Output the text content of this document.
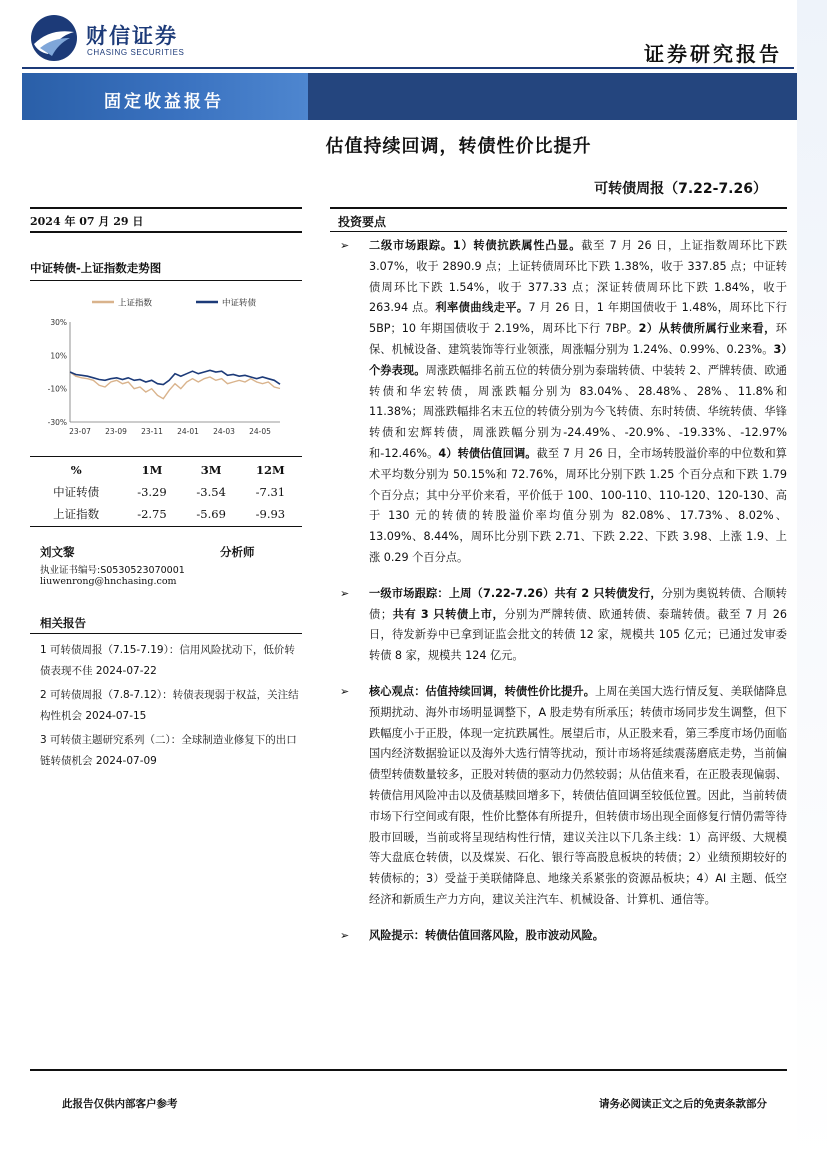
财信证券
CHASING SECURITIES	证券研究报告
固定收益报告
估值持续回调，转债性价比提升
可转债周报（7.22-7.26）
2024 年 07 月 29 日
中证转债-上证指数走势图
30%
10%
-10%
-30%
23-07 23-09 23-11 24-01 24-03 24-05
上证指数	中证转债
%	1M	3M	12M
中证转债	-3.29	-3.54	-7.31
上证指数	-2.75	-5.69	-9.93
刘文黎	分析师
执业证书编号:S0530523070001
liuwenrong@hnchasing.com
相关报告
1 可转债周报（7.15-7.19）：信用风险扰动下，低价转债表现不佳 2024-07-22
2 可转债周报（7.8-7.12）：转债表现弱于权益，关注结构性机会 2024-07-15
3 可转债主题研究系列（二）：全球制造业修复下的出口链转债机会 2024-07-09
投资要点
➢ 二级市场跟踪。1）转债抗跌属性凸显。截至 7 月 26 日，上证指数周环比下跌 3.07%，收于 2890.9 点；上证转债周环比下跌 1.38%，收于 337.85 点；中证转债周环比下跌 1.54%，收于 377.33 点；深证转债周环比下跌 1.84%，收于 263.94 点。利率债曲线走平。7 月 26 日，1 年期国债收于 1.48%，周环比下行 5BP；10 年期国债收于 2.19%，周环比下行 7BP。2）从转债所属行业来看，环保、机械设备、建筑装饰等行业领涨，周涨幅分别为 1.24%、0.99%、0.23%。3）个券表现。周涨跌幅排名前五位的转债分别为泰瑞转债、中装转 2、严牌转债、欧通转债和华宏转债，周涨跌幅分别为 83.04%、28.48%、28%、11.8%和 11.38%；周涨跌幅排名末五位的转债分别为今飞转债、东时转债、华统转债、华锋转债和宏辉转债，周涨跌幅分别为-24.49%、-20.9%、-19.33%、-12.97%和-12.46%。4）转债估值回调。截至 7 月 26 日，全市场转股溢价率的中位数和算术平均数分别为 50.15%和 72.76%，周环比分别下跌 1.25 个百分点和下跌 1.79 个百分点；其中分平价来看，平价低于 100、100-110、110-120、120-130、高于 130 元的转债的转股溢价率均值分别为 82.08%、17.73%、8.02%、13.09%、8.44%，周环比分别下跌 2.71、下跌 2.22、下跌 3.98、上涨 1.9、上涨 0.29 个百分点。
➢ 一级市场跟踪：上周（7.22-7.26）共有 2 只转债发行，分别为奥锐转债、合顺转债；共有 3 只转债上市，分别为严牌转债、欧通转债、泰瑞转债。截至 7 月 26 日，待发新券中已拿到证监会批文的转债 12 家，规模共 105 亿元；已通过发审委转债 8 家，规模共 124 亿元。
➢ 核心观点：估值持续回调，转债性价比提升。上周在美国大选行情反复、美联储降息预期扰动、海外市场明显调整下，A 股走势有所承压；转债市场同步发生调整，但下跌幅度小于正股，体现一定抗跌属性。展望后市，从正股来看，第三季度市场仍面临国内经济数据验证以及海外大选行情等扰动，预计市场将延续震荡磨底走势，当前偏债型转债数量较多，正股对转债的驱动力仍然较弱；从估值来看，在正股表现偏弱、转债信用风险冲击以及债基赎回增多下，转债估值回调至较低位置。因此，当前转债市场下行空间或有限，性价比整体有所提升，但转债市场出现全面修复行情仍需等待股市回暖，当前或将呈现结构性行情，建议关注以下几条主线：1）高评级、大规模等大盘底仓转债，以及煤炭、石化、银行等高股息板块的转债；2）业绩预期较好的转债标的；3）受益于美联储降息、地缘关系紧张的资源品板块；4）AI 主题、低空经济和新质生产力方向，建议关注汽车、机械设备、计算机、通信等。
➢ 风险提示：转债估值回落风险，股市波动风险。
此报告仅供内部客户参考	请务必阅读正文之后的免责条款部分
